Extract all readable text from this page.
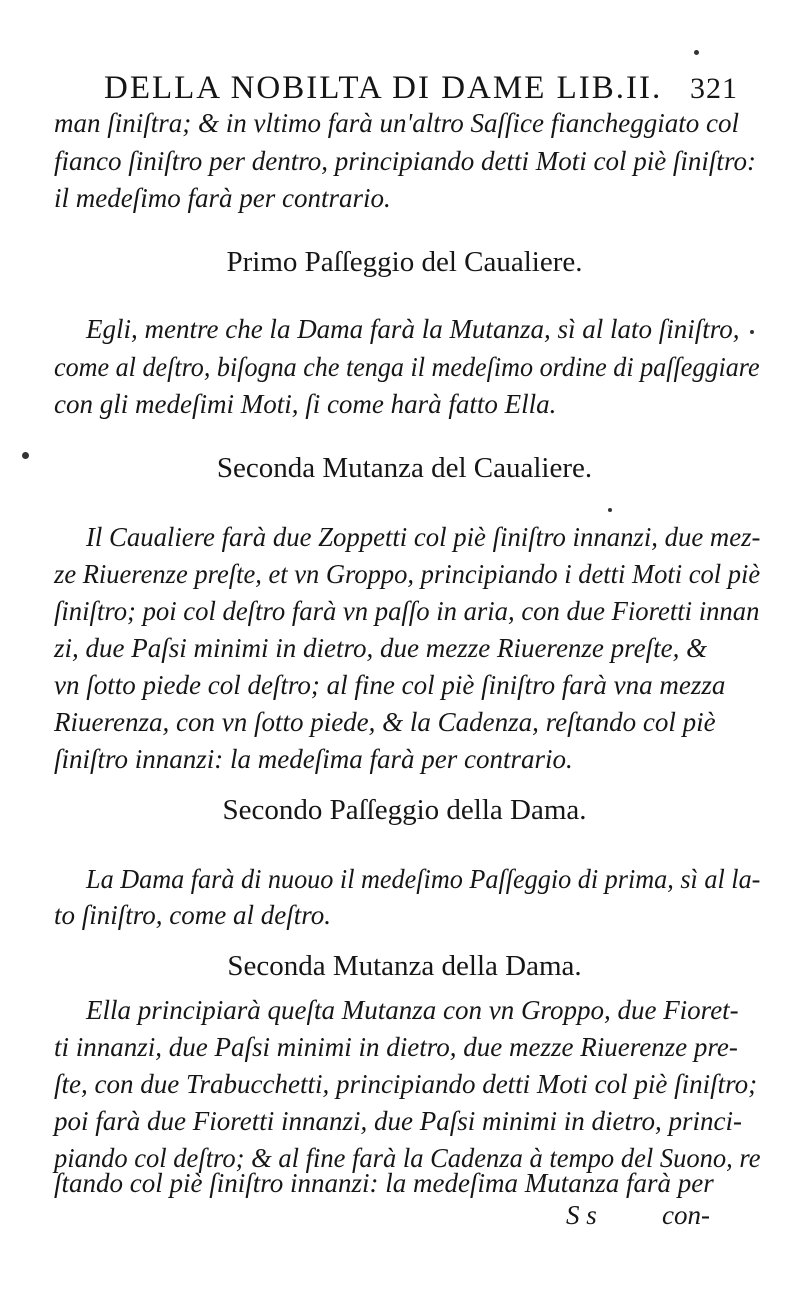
DELLA NOBILTA DI DAME LIB.II. 321
man ſiniſtra; & in vltimo farà un'altro Saſſice fiancheggiato col
fianco ſiniſtro per dentro, principiando detti Moti col piè ſiniſtro:
il medeſimo farà per contrario.
Primo Paſſeggio del Caualiere.
Egli, mentre che la Dama farà la Mutanza, sì al lato ſiniſtro,
come al deſtro, biſogna che tenga il medeſimo ordine di paſſeggiare
con gli medeſimi Moti, ſi come harà fatto Ella.
Seconda Mutanza del Caualiere.
Il Caualiere farà due Zoppetti col piè ſiniſtro innanzi, due mez-
ze Riuerenze preſte, et vn Groppo, principiando i detti Moti col piè
ſiniſtro; poi col deſtro farà vn paſſo in aria, con due Fioretti innan
zi, due Paſsi minimi in dietro, due mezze Riuerenze preſte, &
vn ſotto piede col deſtro; al fine col piè ſiniſtro farà vna mezza
Riuerenza, con vn ſotto piede, & la Cadenza, reſtando col piè
ſiniſtro innanzi: la medeſima farà per contrario.
Secondo Paſſeggio della Dama.
La Dama farà di nuouo il medeſimo Paſſeggio di prima, sì al la-
to ſiniſtro, come al deſtro.
Seconda Mutanza della Dama.
Ella principiarà queſta Mutanza con vn Groppo, due Fioret-
ti innanzi, due Paſsi minimi in dietro, due mezze Riuerenze pre-
ſte, con due Trabucchetti, principiando detti Moti col piè ſiniſtro;
poi farà due Fioretti innanzi, due Paſsi minimi in dietro, princi-
piando col deſtro; & al fine farà la Cadenza à tempo del Suono, re
ſtando col piè ſiniſtro innanzi: la medeſima Mutanza farà per
S s con-
